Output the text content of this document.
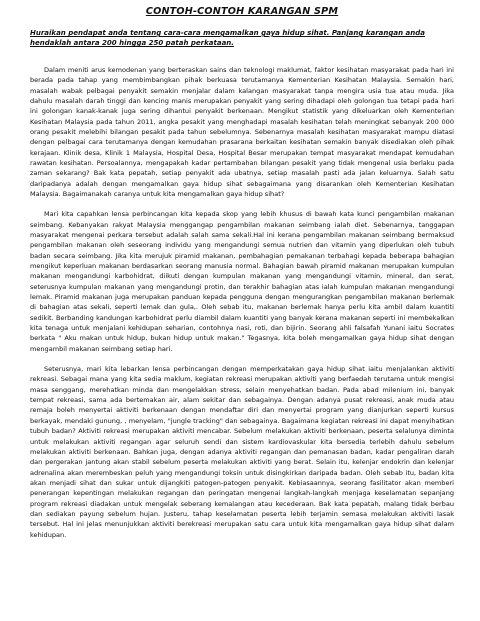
CONTOH-CONTOH KARANGAN SPM
Huraikan pendapat anda tentang cara-cara mengamalkan gaya hidup sihat. Panjang karangan anda hendaklah antara 200 hingga 250 patah perkataan.

Dalam meniti arus kemodenan yang berteraskan sains dan teknologi maklumat, faktor kesihatan masyarakat pada hari ini berada pada tahap yang membimbangkan pihak berkuasa terutamanya Kementerian Kesihatan Malaysia. Semakin hari, masalah wabak pelbagai penyakit semakin menjalar dalam kalangan masyarakat tanpa mengira usia tua atau muda. Jika dahulu masalah darah tinggi dan kencing manis merupakan penyakit yang sering dihadapi oleh golongan tua tetapi pada hari ini golongan kanak-kanak juga sering dihantui penyakit berkenaan. Mengikut statistik yang dikeluarkan oleh Kementerian Kesihatan Malaysia pada tahun 2011, angka pesakit yang menghadapi masalah kesihatan telah meningkat sebanyak 200 000 orang pesakit melebihi bilangan pesakit pada tahun sebelumnya. Sebenarnya masalah kesihatan masyarakat mampu diatasi dengan pelbagai cara terutamanya dengan kemudahan prasarana berkaitan kesihatan semakin banyak disediakan oleh pihak kerajaan. Klinik desa, Klinik 1 Malaysia, Hospital Desa, Hospital Besar merupakan tempat masyarakat mendapat kemudahan rawatan kesihatan. Persoalannya, mengapakah kadar pertambahan bilangan pesakit yang tidak mengenal usia berlaku pada zaman sekarang? Bak kata pepatah, setiap penyakit ada ubatnya, setiap masalah pasti ada jalan keluarnya. Salah satu daripadanya adalah dengan mengamalkan gaya hidup sihat sebagaimana yang disarankan oleh Kementerian Kesihatan Malaysia. Bagaimanakah caranya untuk kita mengamalkan gaya hidup sihat?

Mari kita capahkan lensa perbincangan kita kepada skop yang lebih khusus di bawah kata kunci pengambilan makanan seimbang. Kebanyakan rakyat Malaysia menggangap pengambilan makanan seimbang ialah diet. Sebenarnya, tanggapan masyarakat mengenai perkara tersebut adalah salah sama sekali.Hal ini kerana pengambilan makanan seimbang bermaksud pengambilan makanan oleh seseorang individu yang mengandungi semua nutrien dan vitamin yang diperlukan oleh tubuh badan secara seimbang. Jika kita merujuk piramid makanan, pembahagian pemakanan terbahagi kepada beberapa bahagian mengikut keperluan makanan berdasarkan seorang manusia normal. Bahagian bawah piramid makanan merupakan kumpulan makanan mengandungi karbohidrat, diikuti dengan kumpulan makanan yang mengandungi vitamin, mineral, dan serat, seterusnya kumpulan makanan yang mengandungi protin, dan terakhir bahagian atas ialah kumpulan makanan mengandungi lemak. Piramid makanan juga merupakan panduan kepada pengguna dengan mengurangkan pengambilan makanan berlemak di bahagian atas sekali, seperti lemak dan gula,. Oleh sebab itu, makanan berlemak hanya perlu kita ambil dalam kuantiti sedikit. Berbanding kandungan karbohidrat perlu diambil dalam kuantiti yang banyak kerana makanan seperti ini membekalkan kita tenaga untuk menjalani kehidupan seharian, contohnya nasi, roti, dan bijirin. Seorang ahli falsafah Yunani iaitu Socrates berkata " Aku makan untuk hidup, bukan hidup untuk makan." Tegasnya, kita boleh mengamalkan gaya hidup sihat dengan mengambil makanan seimbang setiap hari.

Seterusnya, mari kita lebarkan lensa perbincangan dengan memperkatakan gaya hidup sihat iaitu menjalankan aktiviti rekreasi. Sebagai mana yang kita sedia maklum, kegiatan rekreasi merupakan aktiviti yang berfaedah terutama untuk mengisi masa senggang, merehatkan minda dan mengelakkan stress, selain menyehatkan badan. Pada abad milenium ini, banyak tempat rekreasi, sama ada bertemakan air, alam sekitar dan sebagainya. Dengan adanya pusat rekreasi, anak muda atau remaja boleh menyertai aktiviti berkenaan dengan mendaftar diri dan menyertai program yang dianjurkan seperti kursus berkayak, mendaki gunung, , menyelam, "jungle tracking" dan sebagainya. Bagaimana kegiatan rekreasi ini dapat menyihatkan tubuh badan? Aktiviti rekreasi merupakan aktiviti mencabar. Sebelum melakukan aktiviti berkenaan, peserta selalunya diminta untuk melakukan aktiviti regangan agar seluruh sendi dan sistem kardiovaskular kita bersedia terlebih dahulu sebelum melakukan aktiviti berkenaan. Bahkan juga, dengan adanya aktiviti regangan dan pemanasan badan, kadar pengaliran darah dan pergerakan jantung akan stabil sebelum peserta melakukan aktiviti yang berat. Selain itu, kelenjar endokrin dan kelenjar adrenalina akan merembeskan peluh yang mengandungi toksin untuk disingkirkan daripada badan. Oleh sebab itu, badan kita akan menjadi sihat dan sukar untuk dijangkiti patogen-patogen penyakit. Kebiasaannya, seorang fasilitator akan memberi penerangan kepentingan melakukan regangan dan peringatan mengenai langkah-langkah menjaga keselamatan sepanjang program rekreasi diadakan untuk mengelak seberang kemalangan atau kecederaan. Bak kata pepatah, malang tidak berbau dan sediakan payung sebelum hujan. Justeru, tahap keselamatan peserta lebih terjamin semasa melakukan aktiviti lasak tersebut. Hal ini jelas menunjukkan aktiviti berekreasi merupakan satu cara untuk kita mengamalkan gaya hidup sihat dalam kehidupan.
